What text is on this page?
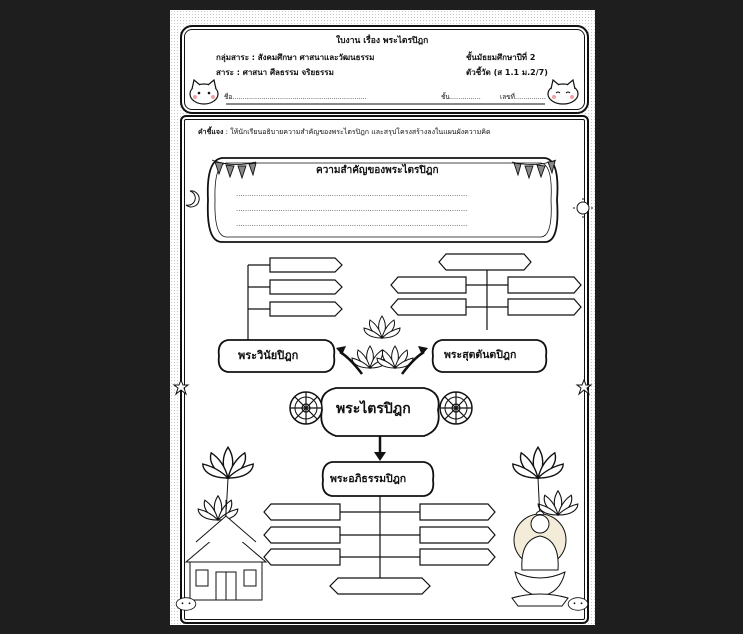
ใบงาน เรื่อง พระไตรปิฎก
กลุ่มสาระ : สังคมศึกษา ศาสนาและวัฒนธรรม	ชั้นมัธยมศึกษาปีที่ 2
สาระ : ศาสนา ศีลธรรม จริยธรรม	ตัวชี้วัด (ส 1.1 ม.2/7)
ชื่อ.................................................................	ชั้น...............	เลขที่...............
คำชี้แจง : ให้นักเรียนอธิบายความสำคัญของพระไตรปิฎก และสรุปโครงสร้างลงในแผนผังความคิด
ความสำคัญของพระไตรปิฎก
........................................................................................................
........................................................................................................
........................................................................................................
พระวินัยปิฎก	พระสุตตันตปิฎก
พระไตรปิฎก
พระอภิธรรมปิฎก
